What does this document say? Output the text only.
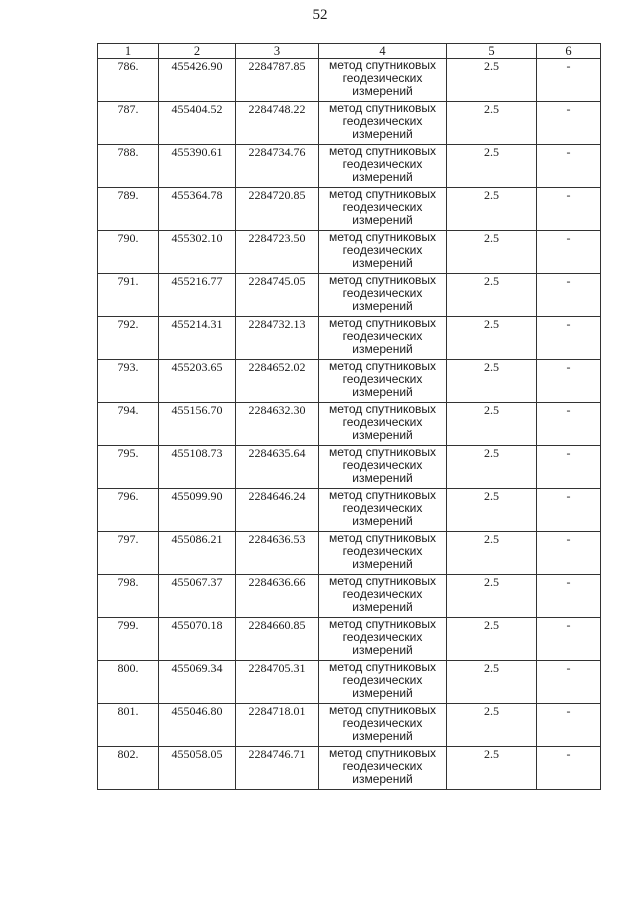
52
1	2	3	4	5	6
786.	455426.90	2284787.85	метод спутниковых
геодезических
измерений	2.5	-
787.	455404.52	2284748.22	метод спутниковых
геодезических
измерений	2.5	-
788.	455390.61	2284734.76	метод спутниковых
геодезических
измерений	2.5	-
789.	455364.78	2284720.85	метод спутниковых
геодезических
измерений	2.5	-
790.	455302.10	2284723.50	метод спутниковых
геодезических
измерений	2.5	-
791.	455216.77	2284745.05	метод спутниковых
геодезических
измерений	2.5	-
792.	455214.31	2284732.13	метод спутниковых
геодезических
измерений	2.5	-
793.	455203.65	2284652.02	метод спутниковых
геодезических
измерений	2.5	-
794.	455156.70	2284632.30	метод спутниковых
геодезических
измерений	2.5	-
795.	455108.73	2284635.64	метод спутниковых
геодезических
измерений	2.5	-
796.	455099.90	2284646.24	метод спутниковых
геодезических
измерений	2.5	-
797.	455086.21	2284636.53	метод спутниковых
геодезических
измерений	2.5	-
798.	455067.37	2284636.66	метод спутниковых
геодезических
измерений	2.5	-
799.	455070.18	2284660.85	метод спутниковых
геодезических
измерений	2.5	-
800.	455069.34	2284705.31	метод спутниковых
геодезических
измерений	2.5	-
801.	455046.80	2284718.01	метод спутниковых
геодезических
измерений	2.5	-
802.	455058.05	2284746.71	метод спутниковых
геодезических
измерений	2.5	-
